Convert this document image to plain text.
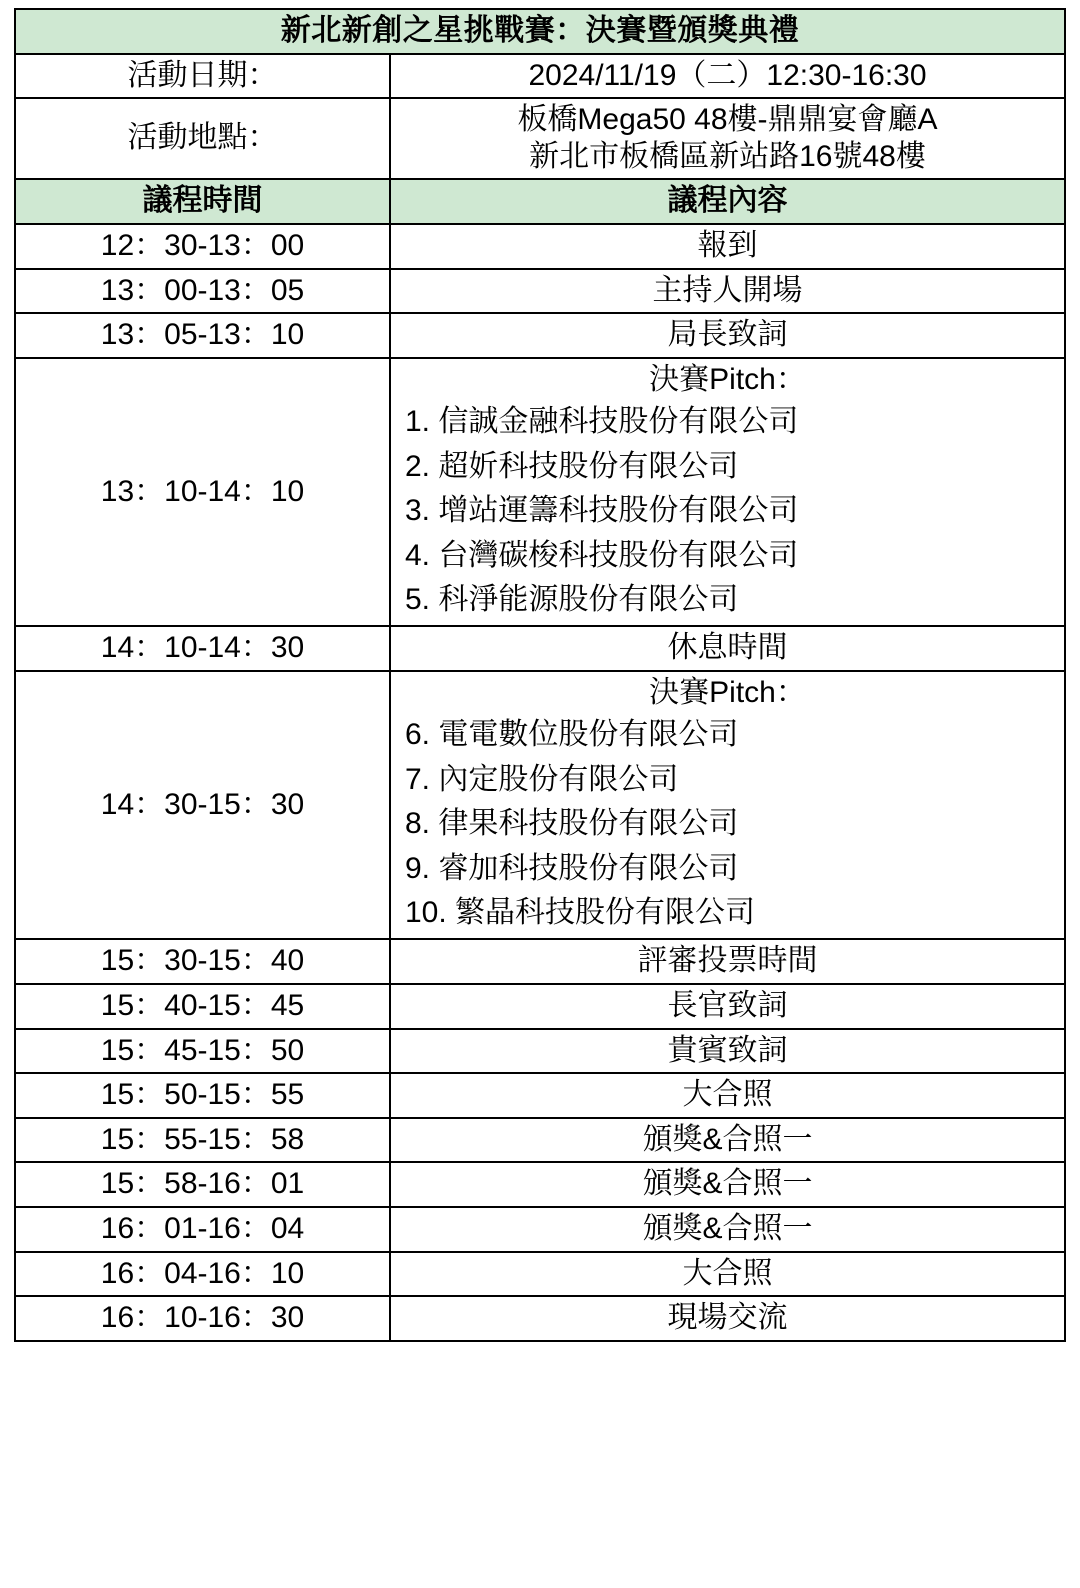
新北新創之星挑戰賽：決賽暨頒獎典禮	
活動日期：	2024/11/19（二）12:30-16:30

活動地點：	板橋Mega50 48樓-鼎鼎宴會廳A
新北市板橋區新站路16號48樓

議程時間	議程內容
12：30-13：00	報到
13：00-13：05	主持人開場
13：05-13：10	局長致詞
13：10-14：10	
決賽Pitch：
1. 信誠金融科技股份有限公司
2. 超妡科技股份有限公司
3. 增站運籌科技股份有限公司
4. 台灣碳梭科技股份有限公司
5. 科淨能源股份有限公司

14：10-14：30	休息時間
14：30-15：30	
決賽Pitch：
6. 電電數位股份有限公司
7. 內定股份有限公司
8. 律果科技股份有限公司
9. 睿加科技股份有限公司
10. 繁晶科技股份有限公司

15：30-15：40	評審投票時間
15：40-15：45	長官致詞
15：45-15：50	貴賓致詞
15：50-15：55	大合照
15：55-15：58	頒獎&合照一
15：58-16：01	頒獎&合照一
16：01-16：04	頒獎&合照一
16：04-16：10	大合照
16：10-16：30	現場交流
